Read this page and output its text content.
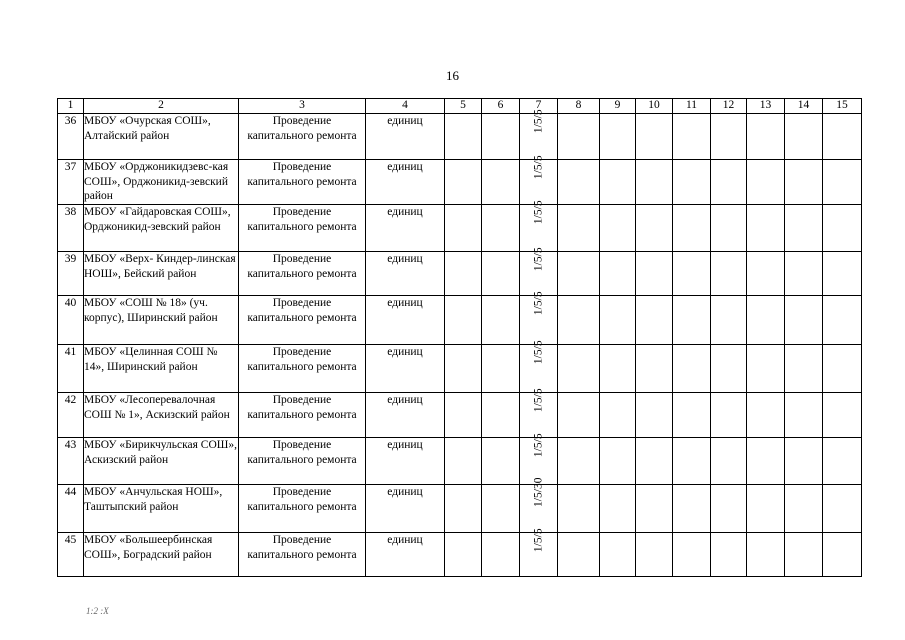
16
1	2	3	4	5	6	7	8	9	10	11	12	13	14	15
36	МБОУ «Очурская СОШ», Алтайский район	Проведение капитального ремонта	единиц			1/5/5								
37	МБОУ «Орджоникидзевс-кая СОШ», Орджоникид-зевский район	Проведение капитального ремонта	единиц			1/5/5								
38	МБОУ «Гайдаровская СОШ», Орджоникид-зевский район	Проведение капитального ремонта	единиц			1/5/5								
39	МБОУ «Верх- Киндер-линская НОШ», Бейский район	Проведение капитального ремонта	единиц			1/5/5								
40	МБОУ «СОШ № 18» (уч. корпус), Ширинский район	Проведение капитального ремонта	единиц			1/5/5								
41	МБОУ «Целинная СОШ № 14», Ширинский район	Проведение капитального ремонта	единиц			1/5/5								
42	МБОУ «Лесоперевалочная СОШ № 1», Аскизский район	Проведение капитального ремонта	единиц			1/5/5								
43	МБОУ «Бирикчульская СОШ», Аскизский район	Проведение капитального ремонта	единиц			1/5/5								
44	МБОУ «Анчульская НОШ», Таштыпский район	Проведение капитального ремонта	единиц			1/5/30								
45	МБОУ «Большеербинская СОШ», Боградский район	Проведение капитального ремонта	единиц			1/5/5								
1:2 :Х
